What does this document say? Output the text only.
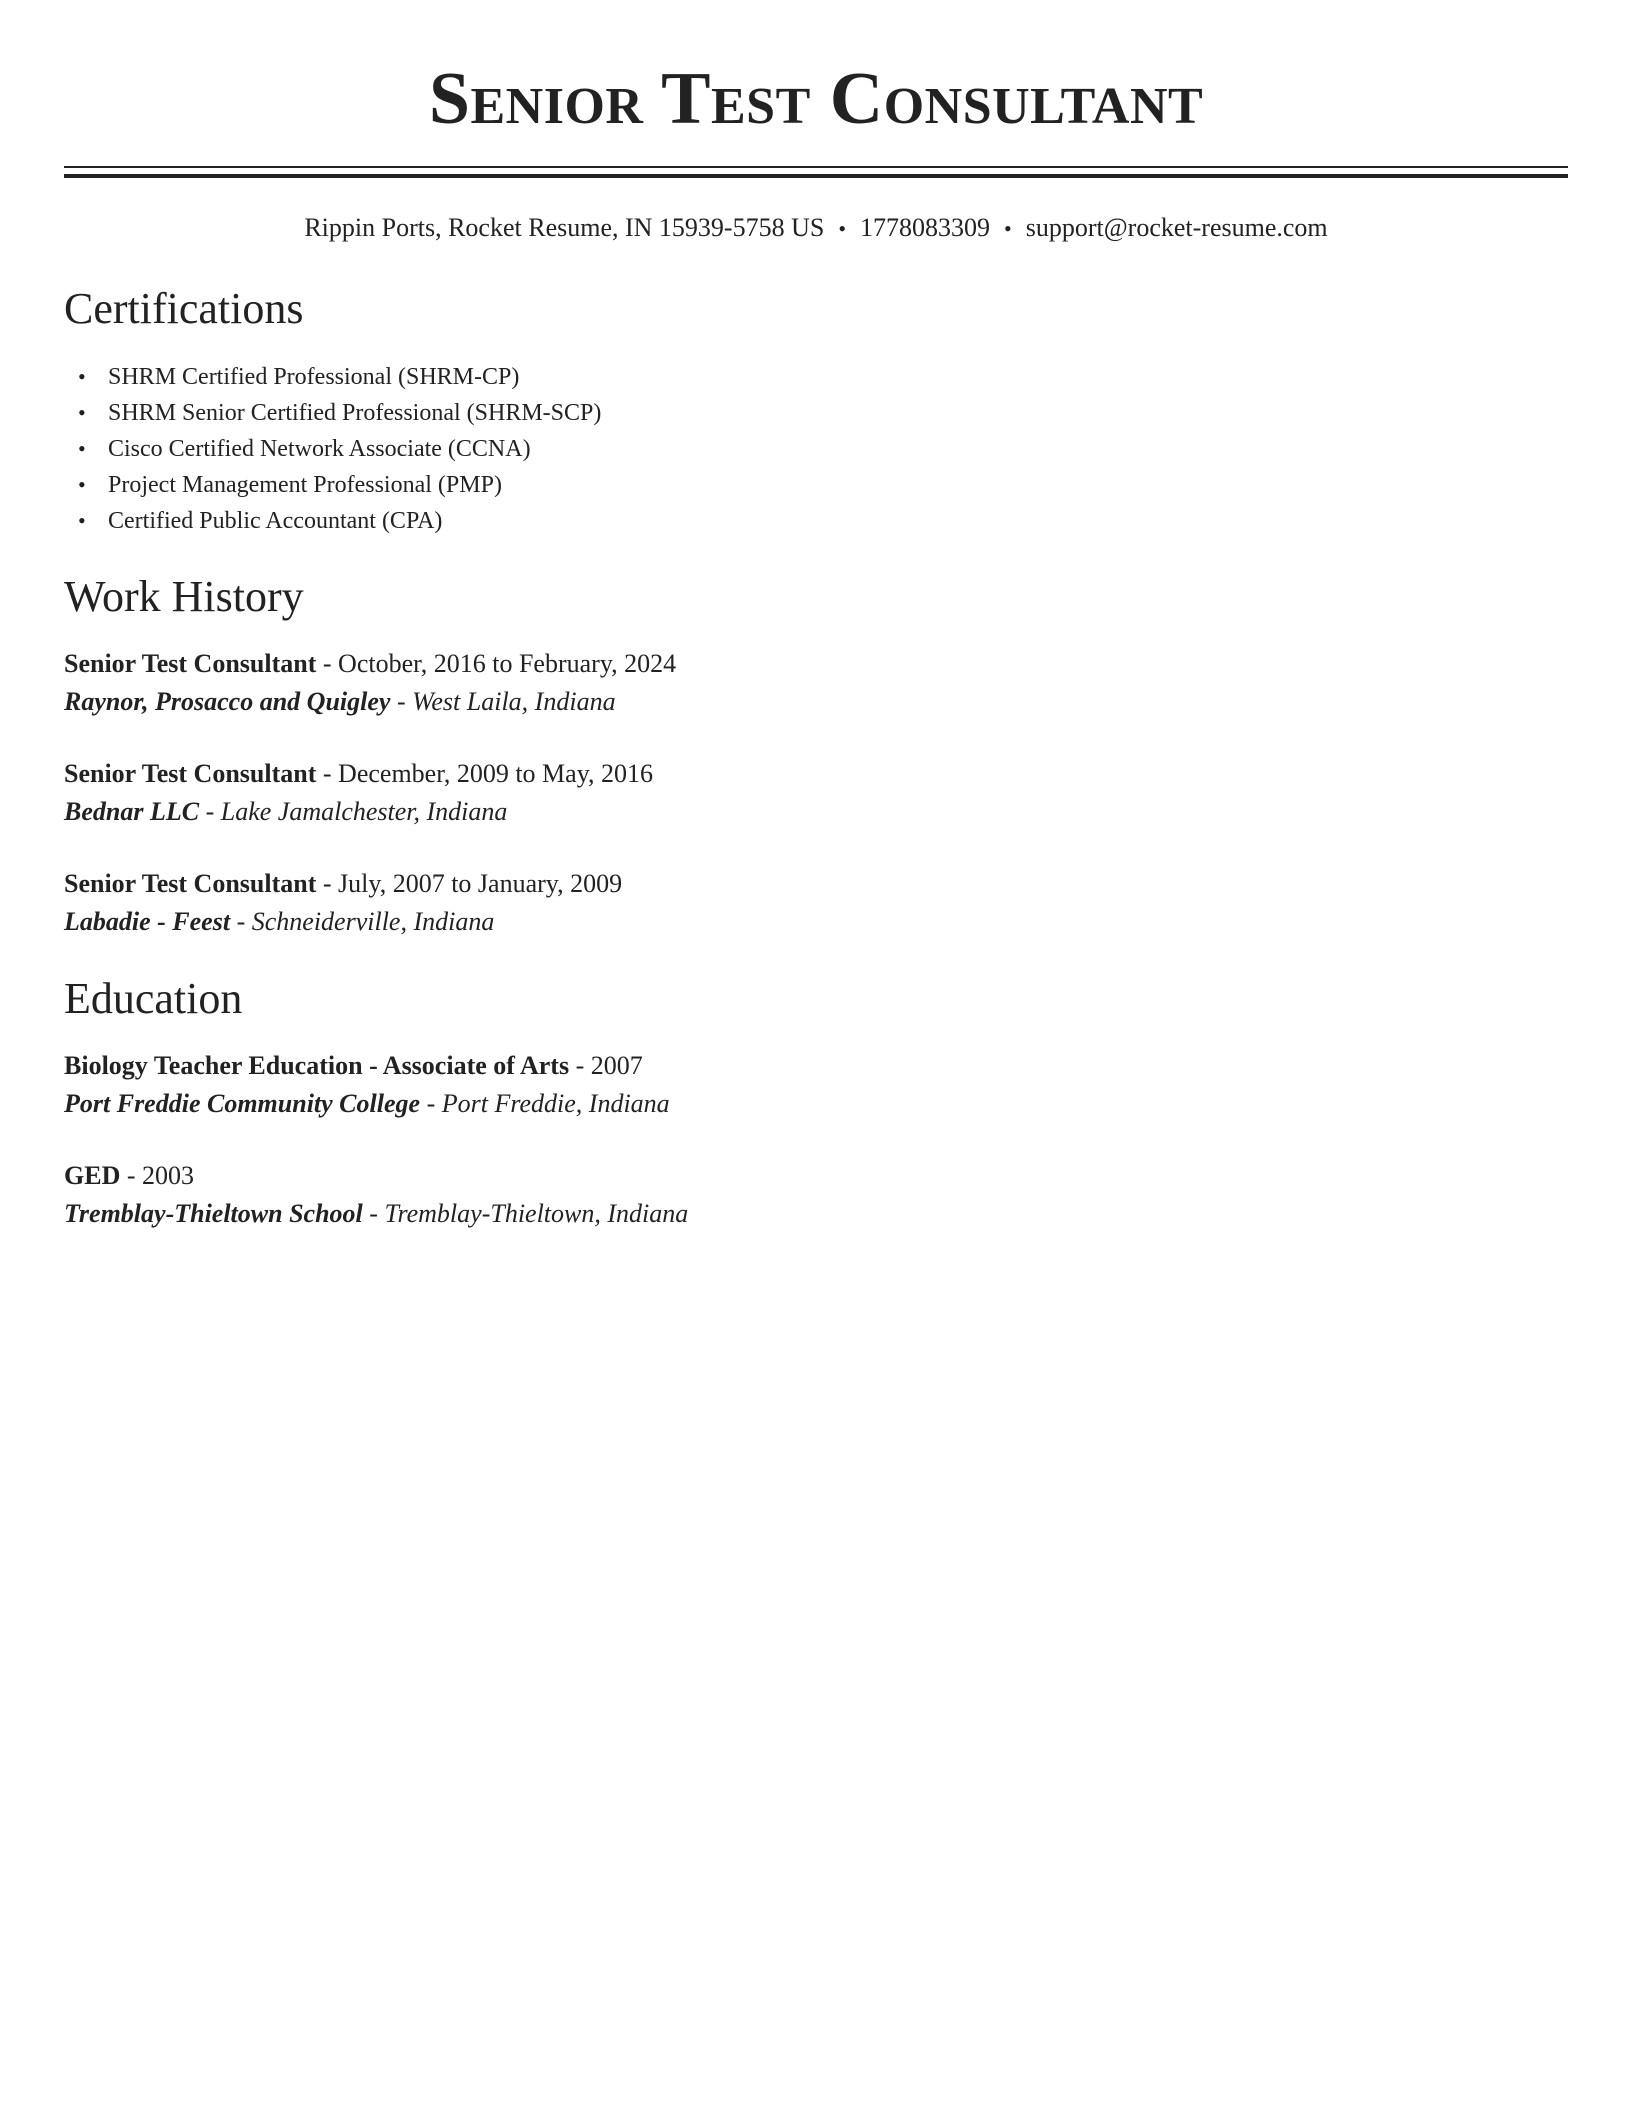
Senior Test Consultant
Rippin Ports, Rocket Resume, IN 15939-5758 US • 1778083309 • support@rocket-resume.com
Certifications
• SHRM Certified Professional (SHRM-CP)
• SHRM Senior Certified Professional (SHRM-SCP)
• Cisco Certified Network Associate (CCNA)
• Project Management Professional (PMP)
• Certified Public Accountant (CPA)
Work History
Senior Test Consultant - October, 2016 to February, 2024
Raynor, Prosacco and Quigley - West Laila, Indiana
Senior Test Consultant - December, 2009 to May, 2016
Bednar LLC - Lake Jamalchester, Indiana
Senior Test Consultant - July, 2007 to January, 2009
Labadie - Feest - Schneiderville, Indiana
Education
Biology Teacher Education - Associate of Arts - 2007
Port Freddie Community College - Port Freddie, Indiana
GED - 2003
Tremblay-Thieltown School - Tremblay-Thieltown, Indiana
